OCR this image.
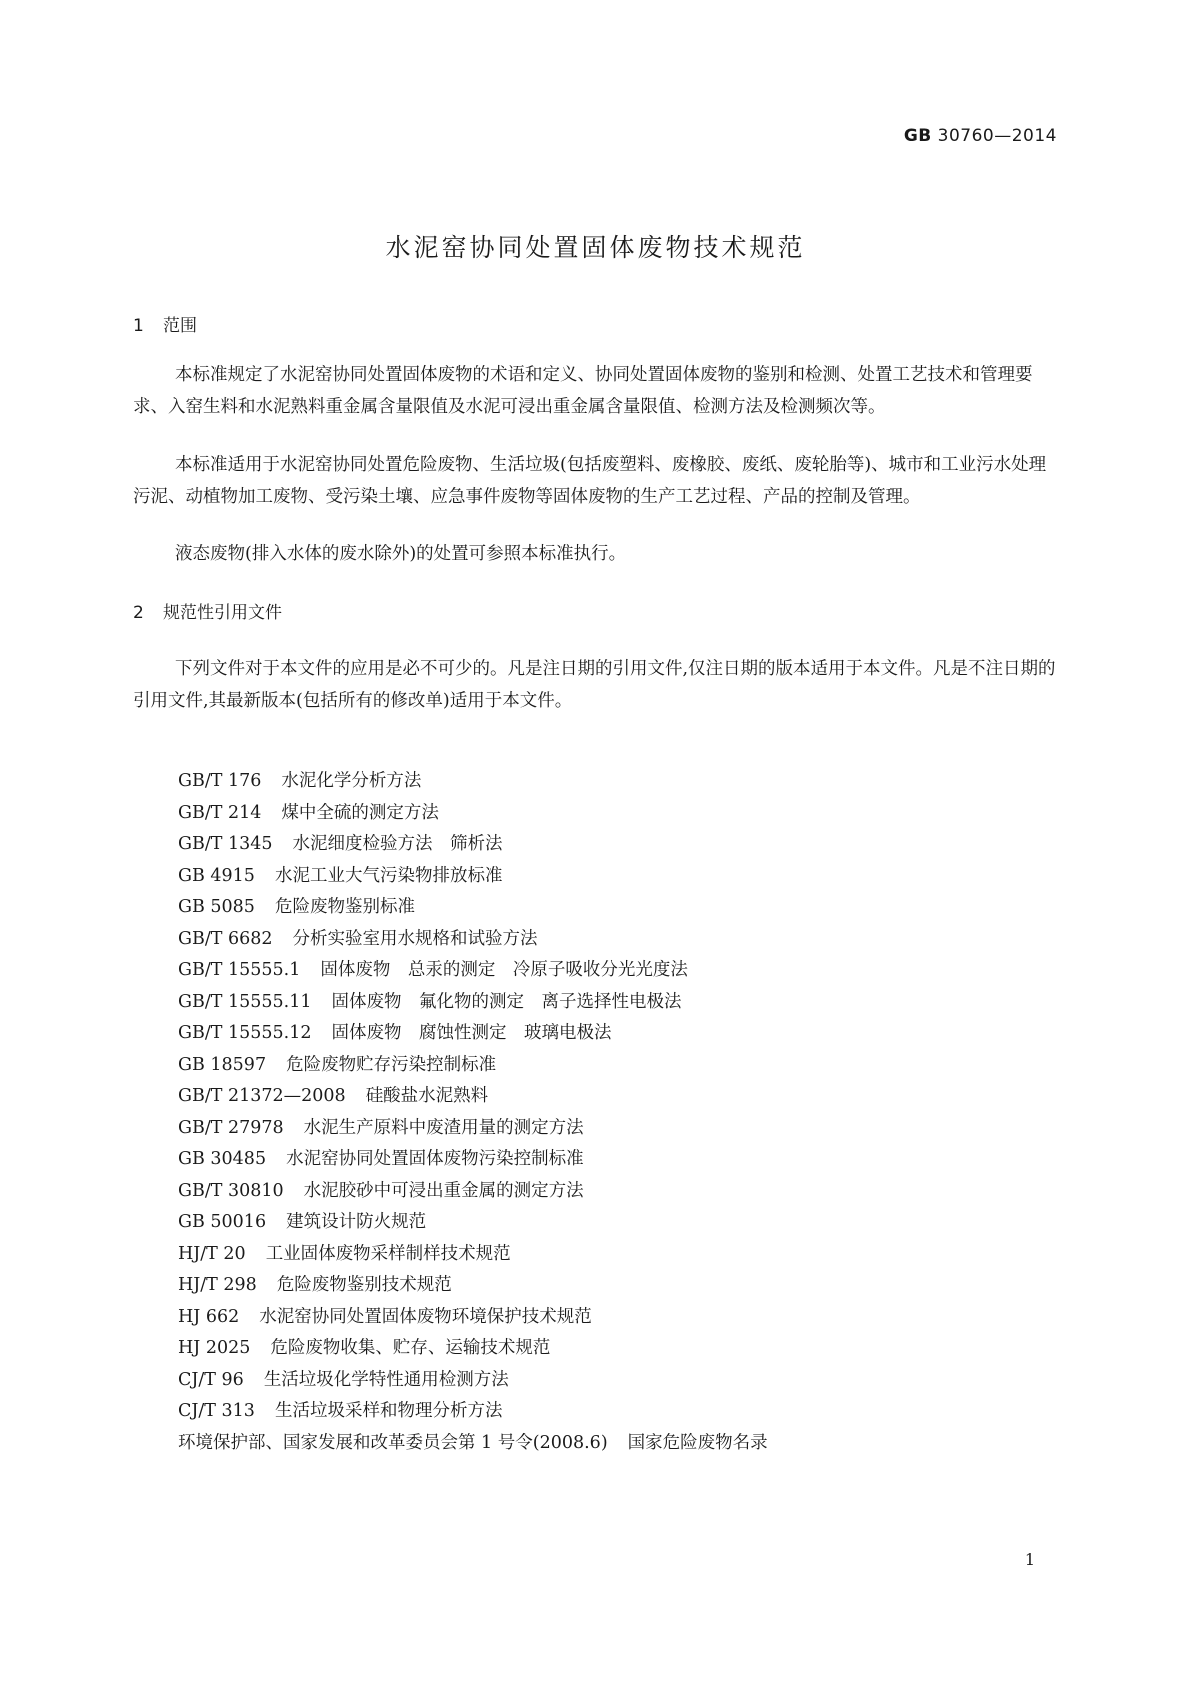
GB 30760—2014
水泥窑协同处置固体废物技术规范
1 范围

本标准规定了水泥窑协同处置固体废物的术语和定义、协同处置固体废物的鉴别和检测、处置工艺技术和管理要求、入窑生料和水泥熟料重金属含量限值及水泥可浸出重金属含量限值、检测方法及检测频次等。

本标准适用于水泥窑协同处置危险废物、生活垃圾(包括废塑料、废橡胶、废纸、废轮胎等)、城市和工业污水处理污泥、动植物加工废物、受污染土壤、应急事件废物等固体废物的生产工艺过程、产品的控制及管理。

液态废物(排入水体的废水除外)的处置可参照本标准执行。

2 规范性引用文件

下列文件对于本文件的应用是必不可少的。凡是注日期的引用文件,仅注日期的版本适用于本文件。凡是不注日期的引用文件,其最新版本(包括所有的修改单)适用于本文件。

GB/T 176 水泥化学分析方法
GB/T 214 煤中全硫的测定方法
GB/T 1345 水泥细度检验方法　筛析法
GB 4915 水泥工业大气污染物排放标准
GB 5085 危险废物鉴别标准
GB/T 6682 分析实验室用水规格和试验方法
GB/T 15555.1 固体废物　总汞的测定　冷原子吸收分光光度法
GB/T 15555.11 固体废物　氟化物的测定　离子选择性电极法
GB/T 15555.12 固体废物　腐蚀性测定　玻璃电极法
GB 18597 危险废物贮存污染控制标准
GB/T 21372—2008 硅酸盐水泥熟料
GB/T 27978 水泥生产原料中废渣用量的测定方法
GB 30485 水泥窑协同处置固体废物污染控制标准
GB/T 30810 水泥胶砂中可浸出重金属的测定方法
GB 50016 建筑设计防火规范
HJ/T 20 工业固体废物采样制样技术规范
HJ/T 298 危险废物鉴别技术规范
HJ 662 水泥窑协同处置固体废物环境保护技术规范
HJ 2025 危险废物收集、贮存、运输技术规范
CJ/T 96 生活垃圾化学特性通用检测方法
CJ/T 313 生活垃圾采样和物理分析方法
环境保护部、国家发展和改革委员会第 1 号令(2008.6) 国家危险废物名录
1
